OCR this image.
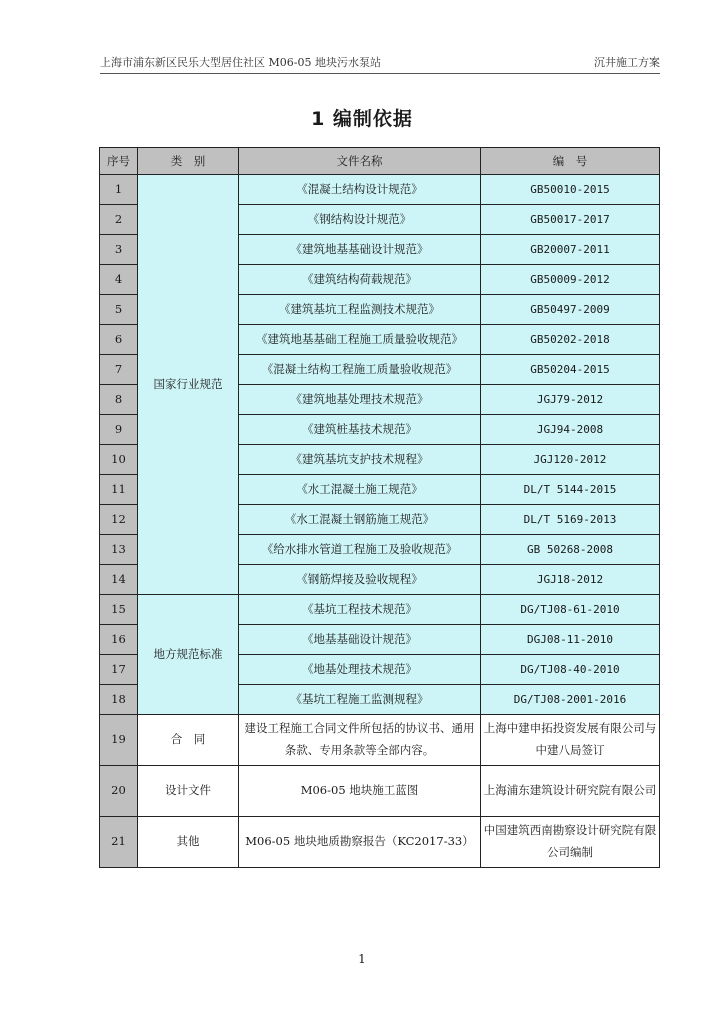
上海市浦东新区民乐大型居住社区 M06-05 地块污水泵站	沉井施工方案
1 编制依据
序号	类　别	文件名称	编　号
1	国家行业规范	《混凝土结构设计规范》	GB50010-2015
2		《钢结构设计规范》	GB50017-2017
3		《建筑地基基础设计规范》	GB20007-2011
4		《建筑结构荷载规范》	GB50009-2012
5		《建筑基坑工程监测技术规范》	GB50497-2009
6		《建筑地基基础工程施工质量验收规范》	GB50202-2018
7		《混凝土结构工程施工质量验收规范》	GB50204-2015
8		《建筑地基处理技术规范》	JGJ79-2012
9		《建筑桩基技术规范》	JGJ94-2008
10		《建筑基坑支护技术规程》	JGJ120-2012
11		《水工混凝土施工规范》	DL/T 5144-2015
12		《水工混凝土钢筋施工规范》	DL/T 5169-2013
13		《给水排水管道工程施工及验收规范》	GB 50268-2008
14		《钢筋焊接及验收规程》	JGJ18-2012
15	地方规范标准	《基坑工程技术规范》	DG/TJ08-61-2010
16		《地基基础设计规范》	DGJ08-11-2010
17		《地基处理技术规范》	DG/TJ08-40-2010
18		《基坑工程施工监测规程》	DG/TJ08-2001-2016
19	合　同	建设工程施工合同文件所包括的协议书、通用条款、专用条款等全部内容。	上海中建申拓投资发展有限公司与中建八局签订
20	设计文件	M06-05 地块施工蓝图	上海浦东建筑设计研究院有限公司
21	其他	M06-05 地块地质勘察报告（KC2017-33）	中国建筑西南勘察设计研究院有限公司编制
1
